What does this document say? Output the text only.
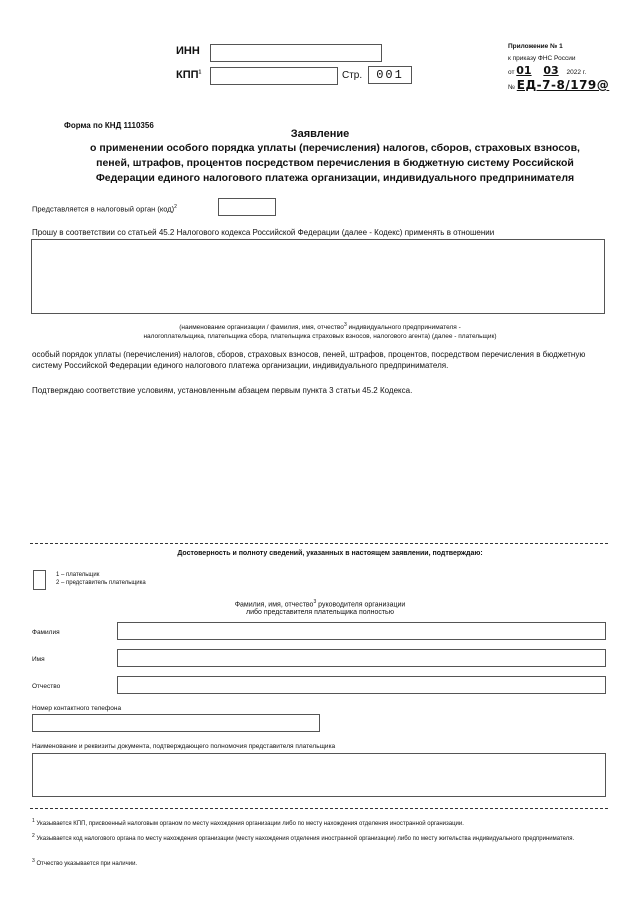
ИНН
КПП$^1$	Стр.	001
Приложение № 1
к приказу ФНС России
от 01 03 2022 г.
№ ЕД-7-8/179@
Форма по КНД 1110356
Заявление
о применении особого порядка уплаты (перечисления) налогов, сборов, страховых взносов,
пеней, штрафов, процентов посредством перечисления в бюджетную систему Российской
Федерации единого налогового платежа организации, индивидуального предпринимателя
Представляется в налоговый орган (код)$^2$
Прошу в соответствии со статьей 45.2 Налогового кодекса Российской Федерации (далее - Кодекс) применять в отношении
(наименование организации / фамилия, имя, отчество$^3$ индивидуального предпринимателя -
налогоплательщика, плательщика сбора, плательщика страховых взносов, налогового агента) (далее - плательщик)
особый порядок уплаты (перечисления) налогов, сборов, страховых взносов, пеней, штрафов, процентов, посредством перечисления в бюджетную систему Российской Федерации единого налогового платежа организации, индивидуального предпринимателя.
Подтверждаю соответствие условиям, установленным абзацем первым пункта 3 статьи 45.2 Кодекса.
Достоверность и полноту сведений, указанных в настоящем заявлении, подтверждаю:
1 – плательщик
2 – представитель плательщика
Фамилия, имя, отчество$^3$ руководителя организации
либо представителя плательщика полностью
Фамилия
Имя
Отчество
Номер контактного телефона
Наименование и реквизиты документа, подтверждающего полномочия представителя плательщика
$^1$ Указывается КПП, присвоенный налоговым органом по месту нахождения организации либо по месту нахождения отделения иностранной организации.
$^2$ Указывается код налогового органа по месту нахождения организации (месту нахождения отделения иностранной организации) либо по месту жительства индивидуального предпринимателя.
$^3$ Отчество указывается при наличии.
